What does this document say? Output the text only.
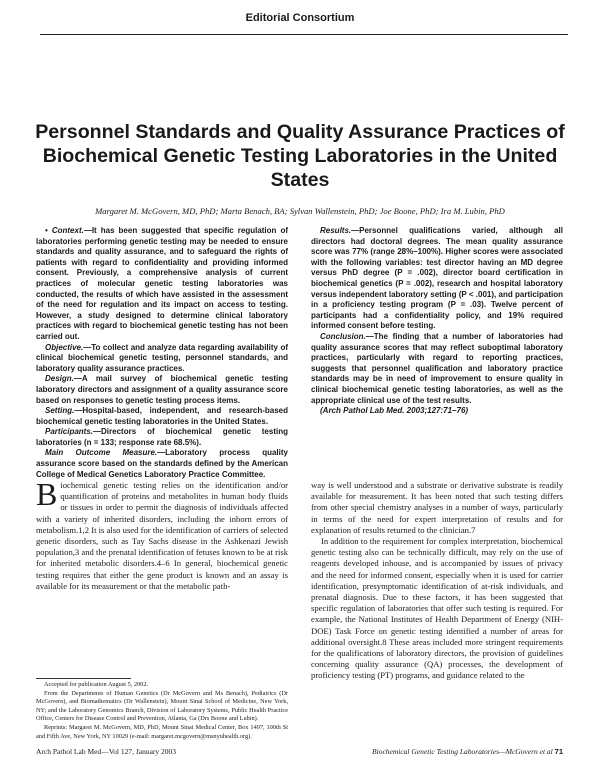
Editorial Consortium
Personnel Standards and Quality Assurance Practices of Biochemical Genetic Testing Laboratories in the United States
Margaret M. McGovern, MD, PhD; Marta Benach, BA; Sylvan Wallenstein, PhD; Joe Boone, PhD; Ira M. Lubin, PhD

• Context.—It has been suggested that specific regulation of laboratories performing genetic testing may be needed to ensure standards and quality assurance, and to safeguard the rights of patients with regard to confidentiality and providing informed consent. Previously, a comprehensive analysis of current practices of molecular genetic testing laboratories was conducted, the results of which have assisted in the assessment of the need for regulation and its impact on access to testing. However, a study designed to determine clinical laboratory practices with regard to biochemical genetic testing has not been carried out.

Objective.—To collect and analyze data regarding availability of clinical biochemical genetic testing, personnel standards, and laboratory quality assurance practices.

Design.—A mail survey of biochemical genetic testing laboratory directors and assignment of a quality assurance score based on responses to genetic testing process items.

Setting.—Hospital-based, independent, and research-based biochemical genetic testing laboratories in the United States.

Participants.—Directors of biochemical genetic testing laboratories (n = 133; response rate 68.5%).

Main Outcome Measure.—Laboratory process quality assurance score based on the standards defined by the American College of Medical Genetics Laboratory Practice Committee.

Results.—Personnel qualifications varied, although all directors had doctoral degrees. The mean quality assurance score was 77% (range 28%–100%). Higher scores were associated with the following variables: test director having an MD degree versus PhD degree (P = .002), director board certification in biochemical genetics (P = .002), research and hospital laboratory versus independent laboratory setting (P < .001), and participation in a proficiency testing program (P = .03). Twelve percent of participants had a confidentiality policy, and 19% required informed consent before testing.

Conclusion.—The finding that a number of laboratories had quality assurance scores that may reflect suboptimal laboratory practices, particularly with regard to reporting practices, suggests that personnel qualification and laboratory practice standards may be in need of improvement to ensure quality in clinical biochemical genetic testing laboratories, as well as the appropriate clinical use of the test results.

(Arch Pathol Lab Med. 2003;127:71–76)

Biochemical genetic testing relies on the identification and/or quantification of proteins and metabolites in human body fluids or tissues in order to permit the diagnosis of individuals affected with a variety of inherited disorders, including the inborn errors of metabolism.1,2 It is also used for the identification of carriers of selected genetic disorders, such as Tay Sachs disease in the Ashkenazi Jewish population,3 and the prenatal identification of fetuses known to be at risk for inherited metabolic disorders.4–6 In general, biochemical genetic testing requires that either the gene product is known and an assay is available for its measurement or that the metabolic path-

way is well understood and a substrate or derivative substrate is readily available for measurement. It has been noted that such testing differs from other special chemistry analyses in a number of ways, particularly in terms of the need for expert interpretation of results and for explanation of results returned to the clinician.7

In addition to the requirement for complex interpretation, biochemical genetic testing also can be technically difficult, may rely on the use of reagents developed inhouse, and is accompanied by issues of privacy and the need for informed consent, especially when it is used for carrier identification, presymptomatic identification of at-risk individuals, and prenatal diagnosis. Due to these factors, it has been suggested that specific regulation of laboratories that offer such testing is required. For example, the National Institutes of Health Department of Energy (NIH-DOE) Task Force on genetic testing identified a number of areas for additional oversight.8 These areas included more stringent requirements for the qualifications of laboratory directors, the provision of guidelines concerning quality assurance (QA) processes, the development of proficiency testing (PT) programs, and guidance related to the

Accepted for publication August 5, 2002.

From the Departments of Human Genetics (Dr McGovern and Ms Benach), Pediatrics (Dr McGovern), and Biomathematics (Dr Wallenstein), Mount Sinai School of Medicine, New York, NY; and the Laboratory Genomics Branch, Division of Laboratory Systems, Public Health Practice Office, Centers for Disease Control and Prevention, Atlanta, Ga (Drs Boone and Lubin).

Reprints: Margaret M. McGovern, MD, PhD, Mount Sinai Medical Center, Box 1497, 100th St and Fifth Ave, New York, NY 10029 (e-mail: margaret.mcgovern@msnyuhealth.org).

Arch Pathol Lab Med—Vol 127, January 2003	Biochemical Genetic Testing Laboratories—McGovern et al 71
